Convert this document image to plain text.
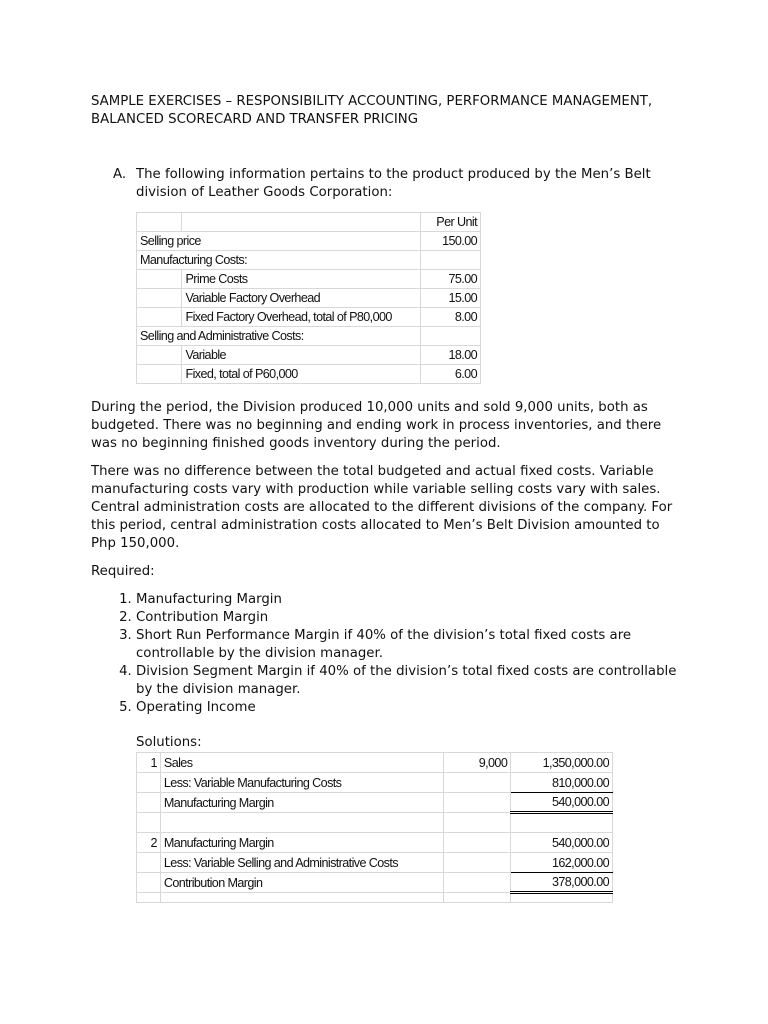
SAMPLE EXERCISES – RESPONSIBILITY ACCOUNTING, PERFORMANCE MANAGEMENT, BALANCED SCORECARD AND TRANSFER PRICING
A. The following information pertains to the product produced by the Men’s Belt division of Leather Goods Corporation:
		Per Unit
Selling price		150.00
Manufacturing Costs:		
	Prime Costs	75.00
	Variable Factory Overhead	15.00
	Fixed Factory Overhead, total of P80,000	8.00
Selling and Administrative Costs:		
	Variable	18.00
	Fixed, total of P60,000	6.00
During the period, the Division produced 10,000 units and sold 9,000 units, both as budgeted. There was no beginning and ending work in process inventories, and there was no beginning finished goods inventory during the period.
There was no difference between the total budgeted and actual fixed costs. Variable manufacturing costs vary with production while variable selling costs vary with sales. Central administration costs are allocated to the different divisions of the company. For this period, central administration costs allocated to Men’s Belt Division amounted to Php 150,000.
Required:
1. Manufacturing Margin
2. Contribution Margin
3. Short Run Performance Margin if 40% of the division’s total fixed costs are controllable by the division manager.
4. Division Segment Margin if 40% of the division’s total fixed costs are controllable by the division manager.
5. Operating Income
Solutions:
1	Sales	9,000	1,350,000.00
	Less: Variable Manufacturing Costs		810,000.00
	Manufacturing Margin		540,000.00

2	Manufacturing Margin		540,000.00
	Less: Variable Selling and Administrative Costs		162,000.00
	Contribution Margin		378,000.00
